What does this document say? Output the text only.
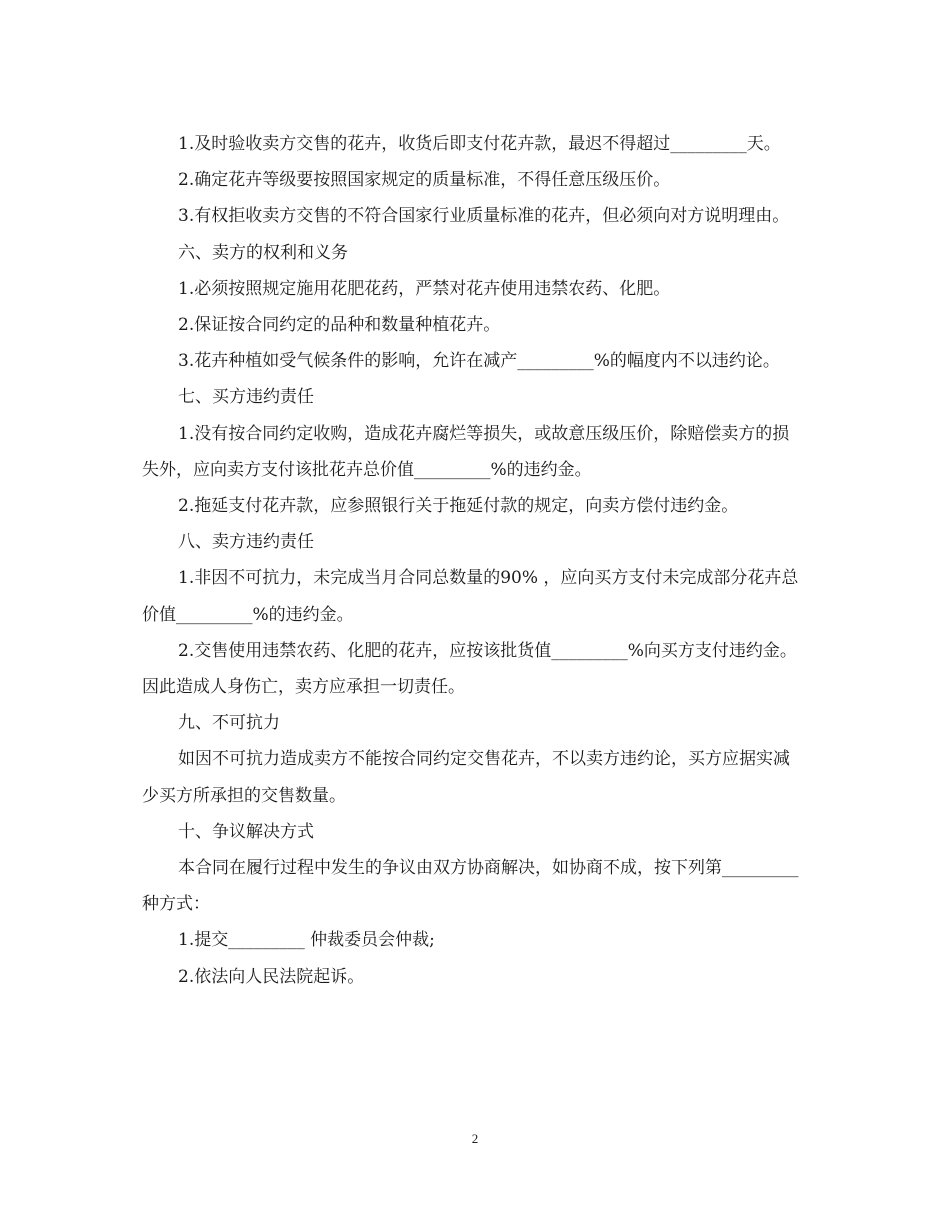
1.及时验收卖方交售的花卉，收货后即支付花卉款，最迟不得超过_________天。

2.确定花卉等级要按照国家规定的质量标准，不得任意压级压价。

3.有权拒收卖方交售的不符合国家行业质量标准的花卉，但必须向对方说明理由。

六、卖方的权利和义务

1.必须按照规定施用花肥花药，严禁对花卉使用违禁农药、化肥。

2.保证按合同约定的品种和数量种植花卉。

3.花卉种植如受气候条件的影响，允许在减产_________%的幅度内不以违约论。

七、买方违约责任

1.没有按合同约定收购，造成花卉腐烂等损失，或故意压级压价，除赔偿卖方的损失外，应向卖方支付该批花卉总价值_________%的违约金。

2.拖延支付花卉款，应参照银行关于拖延付款的规定，向卖方偿付违约金。

八、卖方违约责任

1.非因不可抗力，未完成当月合同总数量的90% ，应向买方支付未完成部分花卉总价值_________%的违约金。

2.交售使用违禁农药、化肥的花卉，应按该批货值_________%向买方支付违约金。因此造成人身伤亡，卖方应承担一切责任。

九、不可抗力

如因不可抗力造成卖方不能按合同约定交售花卉，不以卖方违约论，买方应据实减少买方所承担的交售数量。

十、争议解决方式

本合同在履行过程中发生的争议由双方协商解决，如协商不成，按下列第_________ 种方式：

1.提交_________ 仲裁委员会仲裁;

2.依法向人民法院起诉。

2
